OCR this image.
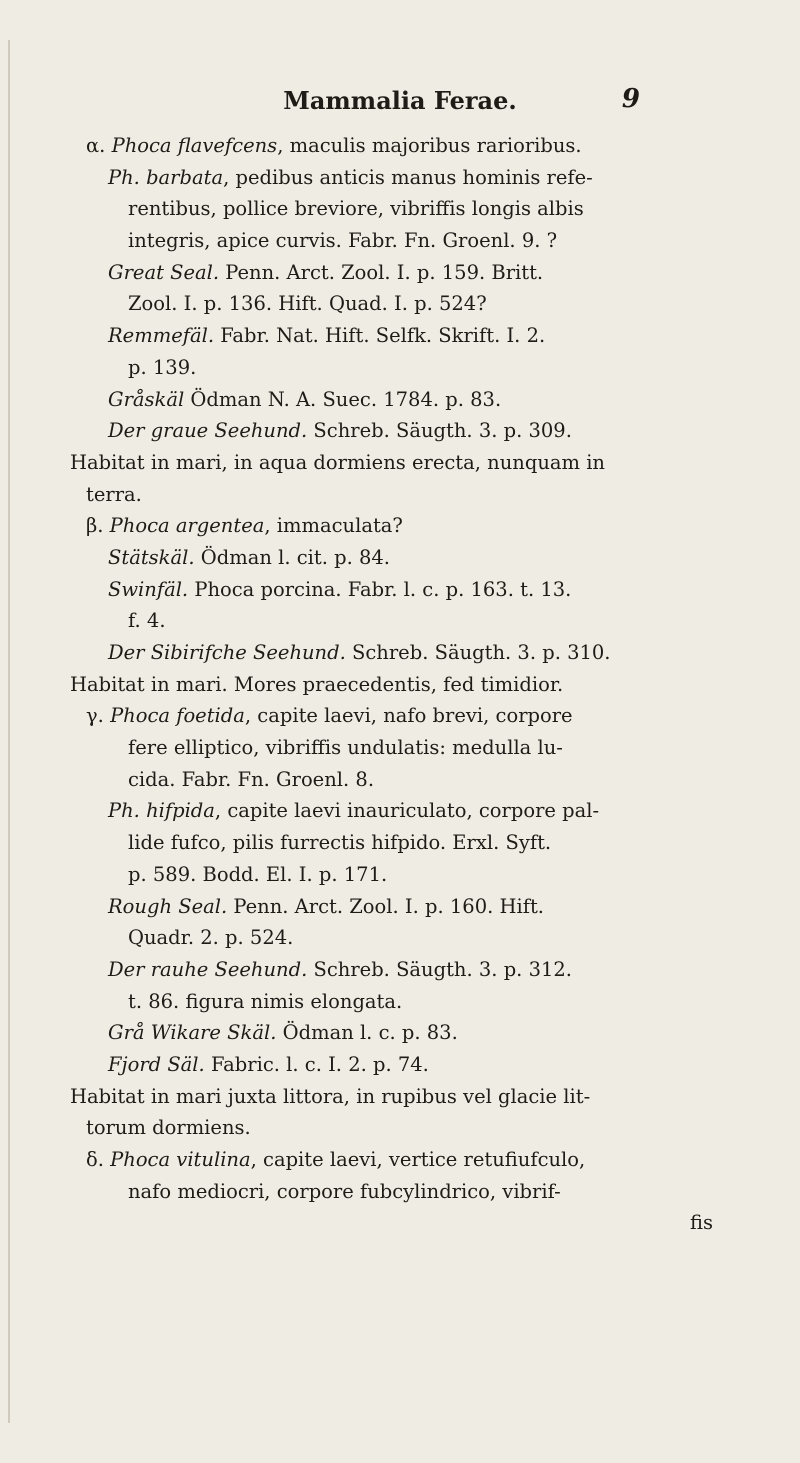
Mammalia Ferae.	9
α. Phoca flavefcens, maculis majoribus rarioribus.
Ph. barbata, pedibus anticis manus hominis refe-
rentibus, pollice breviore, vibriffis longis albis
integris, apice curvis. Fabr. Fn. Groenl. 9. ?
Great Seal. Penn. Arct. Zool. I. p. 159. Britt.
Zool. I. p. 136. Hift. Quad. I. p. 524?
Remmefäl. Fabr. Nat. Hift. Selfk. Skrift. I. 2.
p. 139.
Gråskäl Ödman N. A. Suec. 1784. p. 83.
Der graue Seehund. Schreb. Säugth. 3. p. 309.
Habitat in mari, in aqua dormiens erecta, nunquam in
terra.
β. Phoca argentea, immaculata?
Stätskäl. Ödman l. cit. p. 84.
Swinfäl. Phoca porcina. Fabr. l. c. p. 163. t. 13.
f. 4.
Der Sibirifche Seehund. Schreb. Säugth. 3. p. 310.
Habitat in mari. Mores praecedentis, fed timidior.
γ. Phoca foetida, capite laevi, nafo brevi, corpore
fere elliptico, vibriffis undulatis: medulla lu-
cida. Fabr. Fn. Groenl. 8.
Ph. hifpida, capite laevi inauriculato, corpore pal-
lide fufco, pilis furrectis hifpido. Erxl. Syft.
p. 589. Bodd. El. I. p. 171.
Rough Seal. Penn. Arct. Zool. I. p. 160. Hift.
Quadr. 2. p. 524.
Der rauhe Seehund. Schreb. Säugth. 3. p. 312.
t. 86. figura nimis elongata.
Grå Wikare Skäl. Ödman l. c. p. 83.
Fjord Säl. Fabric. l. c. I. 2. p. 74.
Habitat in mari juxta littora, in rupibus vel glacie lit-
torum dormiens.
δ. Phoca vitulina, capite laevi, vertice retufiufculo,
nafo mediocri, corpore fubcylindrico, vibrif-
fis
